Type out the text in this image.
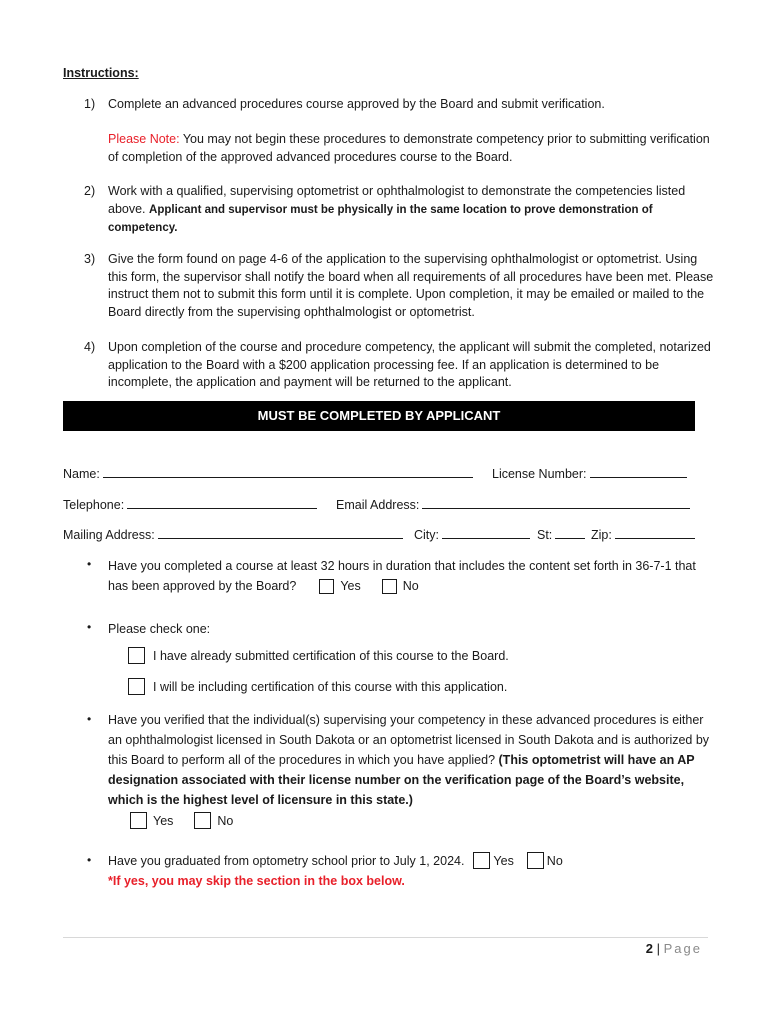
Instructions:
1) Complete an advanced procedures course approved by the Board and submit verification.
Please Note: You may not begin these procedures to demonstrate competency prior to submitting verification of completion of the approved advanced procedures course to the Board.
2) Work with a qualified, supervising optometrist or ophthalmologist to demonstrate the competencies listed above. Applicant and supervisor must be physically in the same location to prove demonstration of competency.
3) Give the form found on page 4-6 of the application to the supervising ophthalmologist or optometrist. Using this form, the supervisor shall notify the board when all requirements of all procedures have been met. Please instruct them not to submit this form until it is complete. Upon completion, it may be emailed or mailed to the Board directly from the supervising ophthalmologist or optometrist.
4) Upon completion of the course and procedure competency, the applicant will submit the completed, notarized application to the Board with a $200 application processing fee. If an application is determined to be incomplete, the application and payment will be returned to the applicant.
MUST BE COMPLETED BY APPLICANT
Name:	License Number:
Telephone:	Email Address:
Mailing Address:	City:	St:	Zip:
• Have you completed a course at least 32 hours in duration that includes the content set forth in 36-7-1 that has been approved by the Board?	Yes	No
• Please check one:
I have already submitted certification of this course to the Board.
I will be including certification of this course with this application.
• Have you verified that the individual(s) supervising your competency in these advanced procedures is either an ophthalmologist licensed in South Dakota or an optometrist licensed in South Dakota and is authorized by this Board to perform all of the procedures in which you have applied? (This optometrist will have an AP designation associated with their license number on the verification page of the Board’s website, which is the highest level of licensure in this state.)
Yes	No
• Have you graduated from optometry school prior to July 1, 2024. Yes	No
*If yes, you may skip the section in the box below.
2 | Page
